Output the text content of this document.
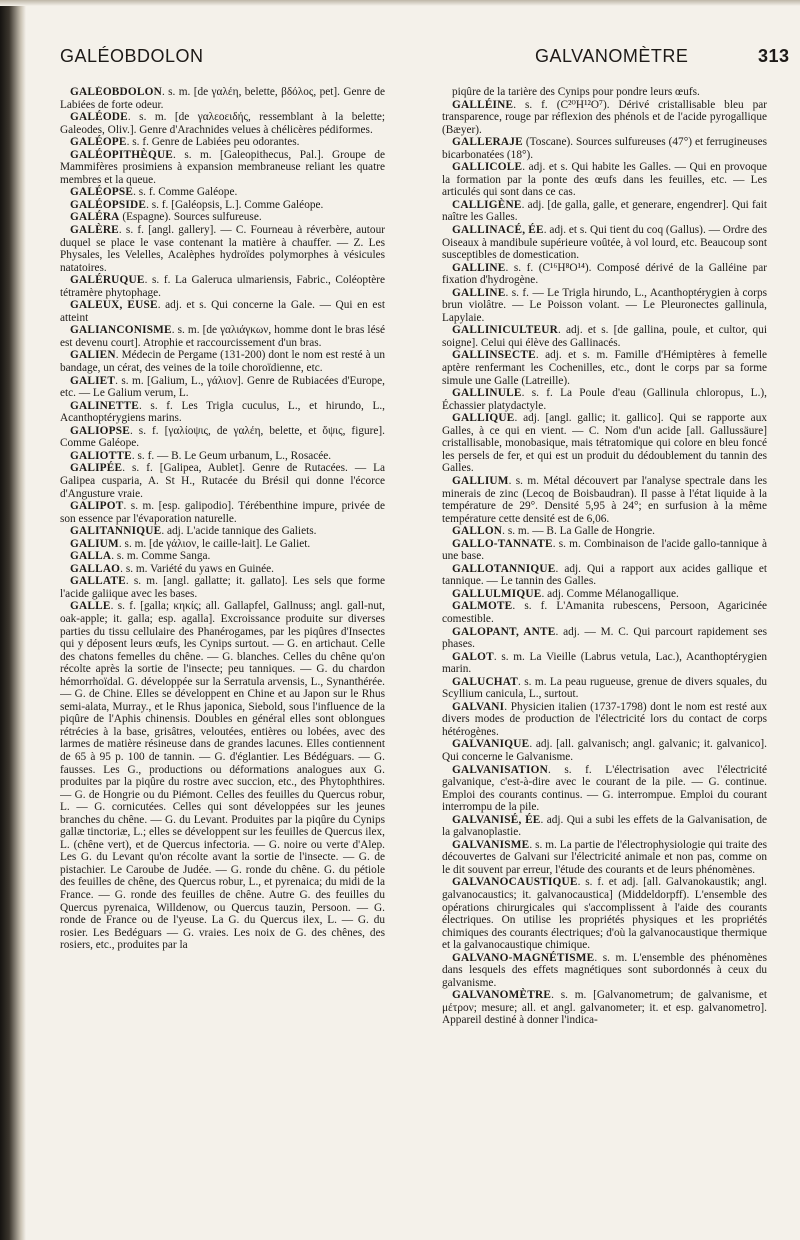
GALÉOBDOLON	GALVANOMÈTRE	313

GALÉOBDOLON. s. m. [de γαλέη, belette, βδόλος, pet]. Genre de Labiées de forte odeur.

GALÉODE. s. m. [de γαλεοειδής, ressemblant à la belette; Galeodes, Oliv.]. Genre d'Arachnides velues à chélicères pédiformes.

GALÉOPE. s. f. Genre de Labiées peu odorantes.

GALÉOPITHÈQUE. s. m. [Galeopithecus, Pal.]. Groupe de Mammifères prosimiens à expansion membraneuse reliant les quatre membres et la queue.

GALÉOPSE. s. f. Comme Galéope.

GALÉOPSIDE. s. f. [Galéopsis, L.]. Comme Galéope.

GALÉRA (Espagne). Sources sulfureuse.

GALÈRE. s. f. [angl. gallery]. — C. Fourneau à réverbère, autour duquel se place le vase contenant la matière à chauffer. — Z. Les Physales, les Velelles, Acalèphes hydroïdes polymorphes à vésicules natatoires.

GALÉRUQUE. s. f. La Galeruca ulmariensis, Fabric., Coléoptère tétramère phytophage.

GALEUX, EUSE. adj. et s. Qui concerne la Gale. — Qui en est atteint

GALIANCONISME. s. m. [de γαλιάγκων, homme dont le bras lésé est devenu court]. Atrophie et raccourcissement d'un bras.

GALIEN. Médecin de Pergame (131-200) dont le nom est resté à un bandage, un cérat, des veines de la toile choroïdienne, etc.

GALIET. s. m. [Galium, L., γάλιον]. Genre de Rubiacées d'Europe, etc. — Le Galium verum, L.

GALINETTE. s. f. Les Trigla cuculus, L., et hirundo, L., Acanthoptérygiens marins.

GALIOPSE. s. f. [γαλίοψις, de γαλέη, belette, et ὄψις, figure]. Comme Galéope.

GALIOTTE. s. f. — B. Le Geum urbanum, L., Rosacée.

GALIPÉE. s. f. [Galipea, Aublet]. Genre de Rutacées. — La Galipea cusparia, A. St H., Rutacée du Brésil qui donne l'écorce d'Angusture vraie.

GALIPOT. s. m. [esp. galipodio]. Térébenthine impure, privée de son essence par l'évaporation naturelle.

GALITANNIQUE. adj. L'acide tannique des Galiets.

GALIUM. s. m. [de γάλιον, le caille-lait]. Le Galiet.

GALLA. s. m. Comme Sanga.

GALLAO. s. m. Variété du yaws en Guinée.

GALLATE. s. m. [angl. gallatte; it. gallato]. Les sels que forme l'acide galiique avec les bases.

GALLE. s. f. [galla; κηκίς; all. Gallapfel, Gallnuss; angl. gall-nut, oak-apple; it. galla; esp. agalla]. Excroissance produite sur diverses parties du tissu cellulaire des Phanérogames, par les piqûres d'Insectes qui y déposent leurs œufs, les Cynips surtout. — G. en artichaut. Celle des chatons femelles du chêne. — G. blanches. Celles du chêne qu'on récolte après la sortie de l'insecte; peu tanniques. — G. du chardon hémorrhoïdal. G. développée sur la Serratula arvensis, L., Synanthérée. — G. de Chine. Elles se développent en Chine et au Japon sur le Rhus semi-alata, Murray., et le Rhus japonica, Siebold, sous l'influence de la piqûre de l'Aphis chinensis. Doubles en général elles sont oblongues rétrécies à la base, grisâtres, veloutées, entières ou lobées, avec des larmes de matière résineuse dans de grandes lacunes. Elles contiennent de 65 à 95 p. 100 de tannin. — G. d'églantier. Les Bédéguars. — G. fausses. Les G., productions ou déformations analogues aux G. produites par la piqûre du rostre avec succion, etc., des Phytophthires. — G. de Hongrie ou du Piémont. Celles des feuilles du Quercus robur, L. — G. cornicutées. Celles qui sont développées sur les jeunes branches du chêne. — G. du Levant. Produites par la piqûre du Cynips gallæ tinctoriæ, L.; elles se développent sur les feuilles de Quercus ilex, L. (chêne vert), et de Quercus infectoria. — G. noire ou verte d'Alep. Les G. du Levant qu'on récolte avant la sortie de l'insecte. — G. de pistachier. Le Caroube de Judée. — G. ronde du chêne. G. du pétiole des feuilles de chêne, des Quercus robur, L., et pyrenaica; du midi de la France. — G. ronde des feuilles de chêne. Autre G. des feuilles du Quercus pyrenaica, Willdenow, ou Quercus tauzin, Persoon. — G. ronde de France ou de l'yeuse. La G. du Quercus ilex, L. — G. du rosier. Les Bedéguars — G. vraies. Les noix de G. des chênes, des rosiers, etc., produites par la

piqûre de la tarière des Cynips pour pondre leurs œufs.

GALLÉINE. s. f. (C²⁰H¹²O⁷). Dérivé cristallisable bleu par transparence, rouge par réflexion des phénols et de l'acide pyrogallique (Bæyer).

GALLERAJE (Toscane). Sources sulfureuses (47°) et ferrugineuses bicarbonatées (18°).

GALLICOLE. adj. et s. Qui habite les Galles. — Qui en provoque la formation par la ponte des œufs dans les feuilles, etc. — Les articulés qui sont dans ce cas.

CALLIGÈNE. adj. [de galla, galle, et generare, engendrer]. Qui fait naître les Galles.

GALLINACÉ, ÉE. adj. et s. Qui tient du coq (Gallus). — Ordre des Oiseaux à mandibule supérieure voûtée, à vol lourd, etc. Beaucoup sont susceptibles de domestication.

GALLINE. s. f. (C¹⁶H⁸O¹⁴). Composé dérivé de la Galléine par fixation d'hydrogène.

GALLINE. s. f. — Le Trigla hirundo, L., Acanthoptérygien à corps brun violâtre. — Le Poisson volant. — Le Pleuronectes gallinula, Lapylaie.

GALLINICULTEUR. adj. et s. [de gallina, poule, et cultor, qui soigne]. Celui qui élève des Gallinacés.

GALLINSECTE. adj. et s. m. Famille d'Hémiptères à femelle aptère renfermant les Cochenilles, etc., dont le corps par sa forme simule une Galle (Latreille).

GALLINULE. s. f. La Poule d'eau (Gallinula chloropus, L.), Échassier platydactyle.

GALLIQUE. adj. [angl. gallic; it. gallico]. Qui se rapporte aux Galles, à ce qui en vient. — C. Nom d'un acide [all. Gallussäure] cristallisable, monobasique, mais tétratomique qui colore en bleu foncé les persels de fer, et qui est un produit du dédoublement du tannin des Galles.

GALLIUM. s. m. Métal découvert par l'analyse spectrale dans les minerais de zinc (Lecoq de Boisbaudran). Il passe à l'état liquide à la température de 29°. Densité 5,95 à 24°; en surfusion à la même température cette densité est de 6,06.

GALLON. s. m. — B. La Galle de Hongrie.

GALLO-TANNATE. s. m. Combinaison de l'acide gallo-tannique à une base.

GALLOTANNIQUE. adj. Qui a rapport aux acides gallique et tannique. — Le tannin des Galles.

GALLULMIQUE. adj. Comme Mélanogallique.

GALMOTE. s. f. L'Amanita rubescens, Persoon, Agaricinée comestible.

GALOPANT, ANTE. adj. — M. C. Qui parcourt rapidement ses phases.

GALOT. s. m. La Vieille (Labrus vetula, Lac.), Acanthoptérygien marin.

GALUCHAT. s. m. La peau rugueuse, grenue de divers squales, du Scyllium canicula, L., surtout.

GALVANI. Physicien italien (1737-1798) dont le nom est resté aux divers modes de production de l'électricité lors du contact de corps hétérogènes.

GALVANIQUE. adj. [all. galvanisch; angl. galvanic; it. galvanico]. Qui concerne le Galvanisme.

GALVANISATION. s. f. L'électrisation avec l'électricité galvanique, c'est-à-dire avec le courant de la pile. — G. continue. Emploi des courants continus. — G. interrompue. Emploi du courant interrompu de la pile.

GALVANISÉ, ÉE. adj. Qui a subi les effets de la Galvanisation, de la galvanoplastie.

GALVANISME. s. m. La partie de l'électrophysiologie qui traite des découvertes de Galvani sur l'électricité animale et non pas, comme on le dit souvent par erreur, l'étude des courants et de leurs phénomènes.

GALVANOCAUSTIQUE. s. f. et adj. [all. Galvanokaustik; angl. galvanocaustics; it. galvanocaustica] (Middeldorpff). L'ensemble des opérations chirurgicales qui s'accomplissent à l'aide des courants électriques. On utilise les propriétés physiques et les propriétés chimiques des courants électriques; d'où la galvanocaustique thermique et la galvanocaustique chimique.

GALVANO-MAGNÉTISME. s. m. L'ensemble des phénomènes dans lesquels des effets magnétiques sont subordonnés à ceux du galvanisme.

GALVANOMÈTRE. s. m. [Galvanometrum; de galvanisme, et μέτρον; mesure; all. et angl. galvanometer; it. et esp. galvanometro]. Appareil destiné à donner l'indica-
